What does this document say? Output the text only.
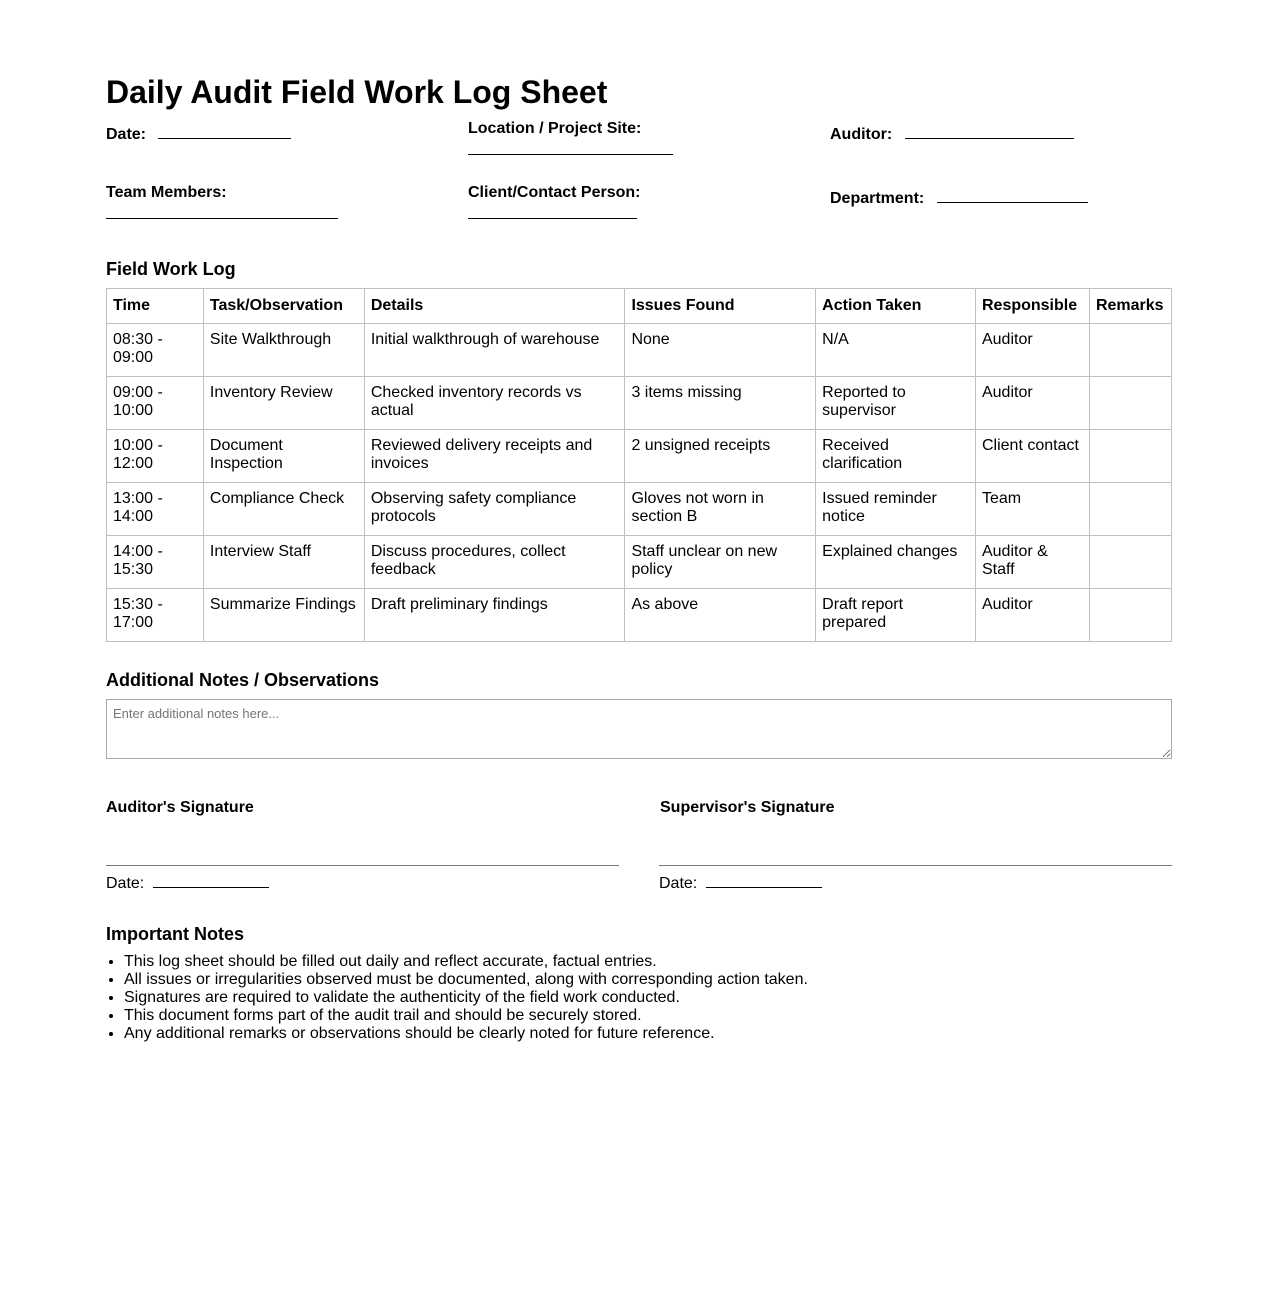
Daily Audit Field Work Log Sheet
Date:	Location / Project Site:	Auditor:
Team Members:	Client/Contact Person:	Department:
Field Work Log
Time	Task/Observation	Details	Issues Found	Action Taken	Responsible	Remarks
08:30 - 09:00	Site Walkthrough	Initial walkthrough of warehouse	None	N/A	Auditor	
09:00 - 10:00	Inventory Review	Checked inventory records vs actual	3 items missing	Reported to supervisor	Auditor	
10:00 - 12:00	Document Inspection	Reviewed delivery receipts and invoices	2 unsigned receipts	Received clarification	Client contact	
13:00 - 14:00	Compliance Check	Observing safety compliance protocols	Gloves not worn in section B	Issued reminder notice	Team	
14:00 - 15:30	Interview Staff	Discuss procedures, collect feedback	Staff unclear on new policy	Explained changes	Auditor & Staff	
15:30 - 17:00	Summarize Findings	Draft preliminary findings	As above	Draft report prepared	Auditor	
Additional Notes / Observations
Enter additional notes here...
Auditor's Signature
Date:
Supervisor's Signature
Date:
Important Notes
• This log sheet should be filled out daily and reflect accurate, factual entries.
• All issues or irregularities observed must be documented, along with corresponding action taken.
• Signatures are required to validate the authenticity of the field work conducted.
• This document forms part of the audit trail and should be securely stored.
• Any additional remarks or observations should be clearly noted for future reference.
